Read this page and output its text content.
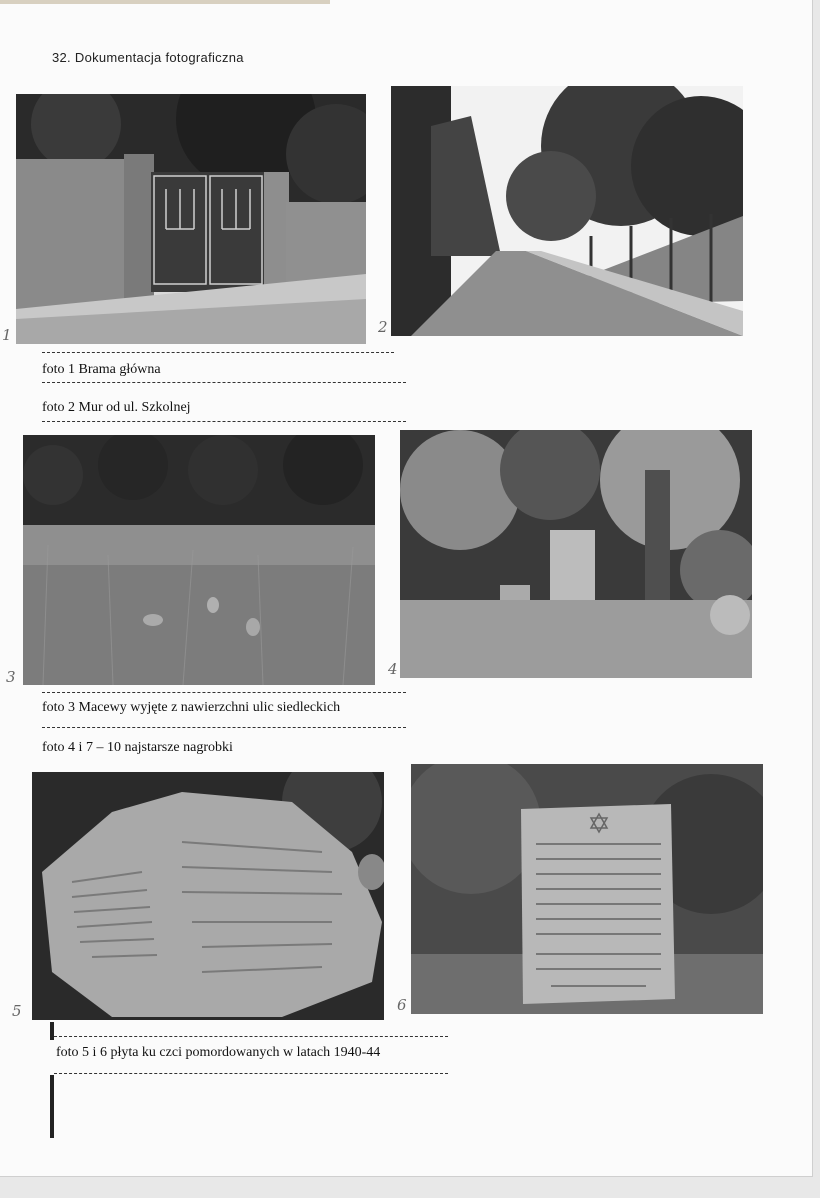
32. Dokumentacja fotograficzna
1	2
foto 1 Brama główna
foto 2 Mur od ul. Szkolnej
3	4
foto 3 Macewy wyjęte z nawierzchni ulic siedleckich
foto 4 i 7 – 10 najstarsze nagrobki
5	6
foto 5 i 6 płyta ku czci pomordowanych w latach 1940-44
